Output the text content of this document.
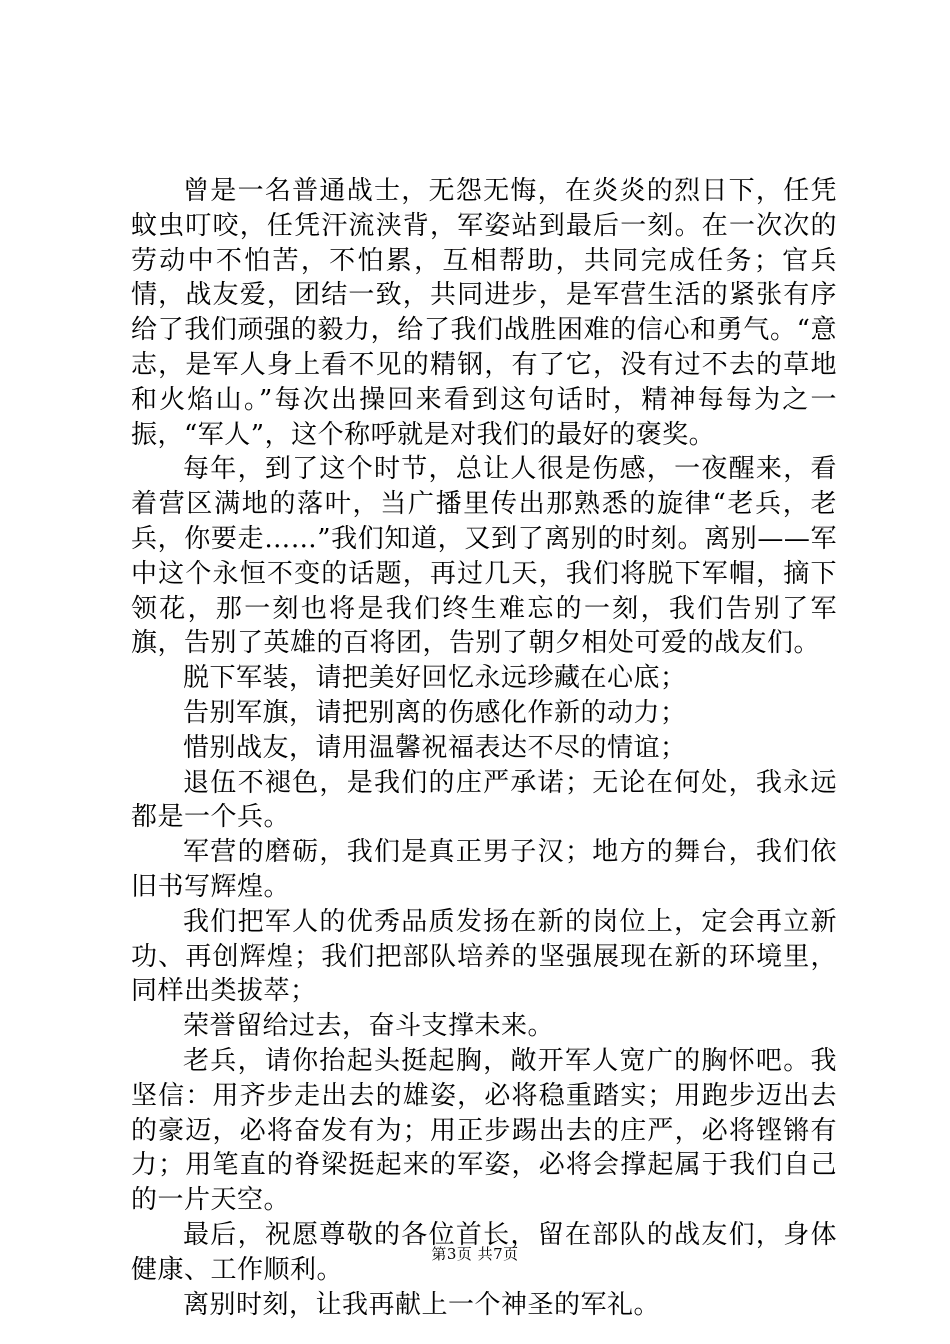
曾是一名普通战士，无怨无悔，在炎炎的烈日下，任凭蚊虫叮咬，任凭汗流浃背，军姿站到最后一刻。在一次次的劳动中不怕苦，不怕累，互相帮助，共同完成任务；官兵情，战友爱，团结一致，共同进步，是军营生活的紧张有序给了我们顽强的毅力，给了我们战胜困难的信心和勇气。“意志，是军人身上看不见的精钢，有了它，没有过不去的草地和火焰山。”每次出操回来看到这句话时，精神每每为之一振，“军人”，这个称呼就是对我们的最好的褒奖。

每年，到了这个时节，总让人很是伤感，一夜醒来，看着营区满地的落叶，当广播里传出那熟悉的旋律“老兵，老兵，你要走……”我们知道，又到了离别的时刻。离别——军中这个永恒不变的话题，再过几天，我们将脱下军帽，摘下领花，那一刻也将是我们终生难忘的一刻，我们告别了军旗，告别了英雄的百将团，告别了朝夕相处可爱的战友们。

脱下军装，请把美好回忆永远珍藏在心底；

告别军旗，请把别离的伤感化作新的动力；

惜别战友，请用温馨祝福表达不尽的情谊；

退伍不褪色，是我们的庄严承诺；无论在何处，我永远都是一个兵。

军营的磨砺，我们是真正男子汉；地方的舞台，我们依旧书写辉煌。

我们把军人的优秀品质发扬在新的岗位上，定会再立新功、再创辉煌；我们把部队培养的坚强展现在新的环境里，同样出类拔萃；

荣誉留给过去，奋斗支撑未来。

老兵，请你抬起头挺起胸，敞开军人宽广的胸怀吧。我坚信：用齐步走出去的雄姿，必将稳重踏实；用跑步迈出去的豪迈，必将奋发有为；用正步踢出去的庄严，必将铿锵有力；用笔直的脊梁挺起来的军姿，必将会撑起属于我们自己的一片天空。

最后，祝愿尊敬的各位首长，留在部队的战友们，身体健康、工作顺利。

离别时刻，让我再献上一个神圣的军礼。

第3页 共7页
